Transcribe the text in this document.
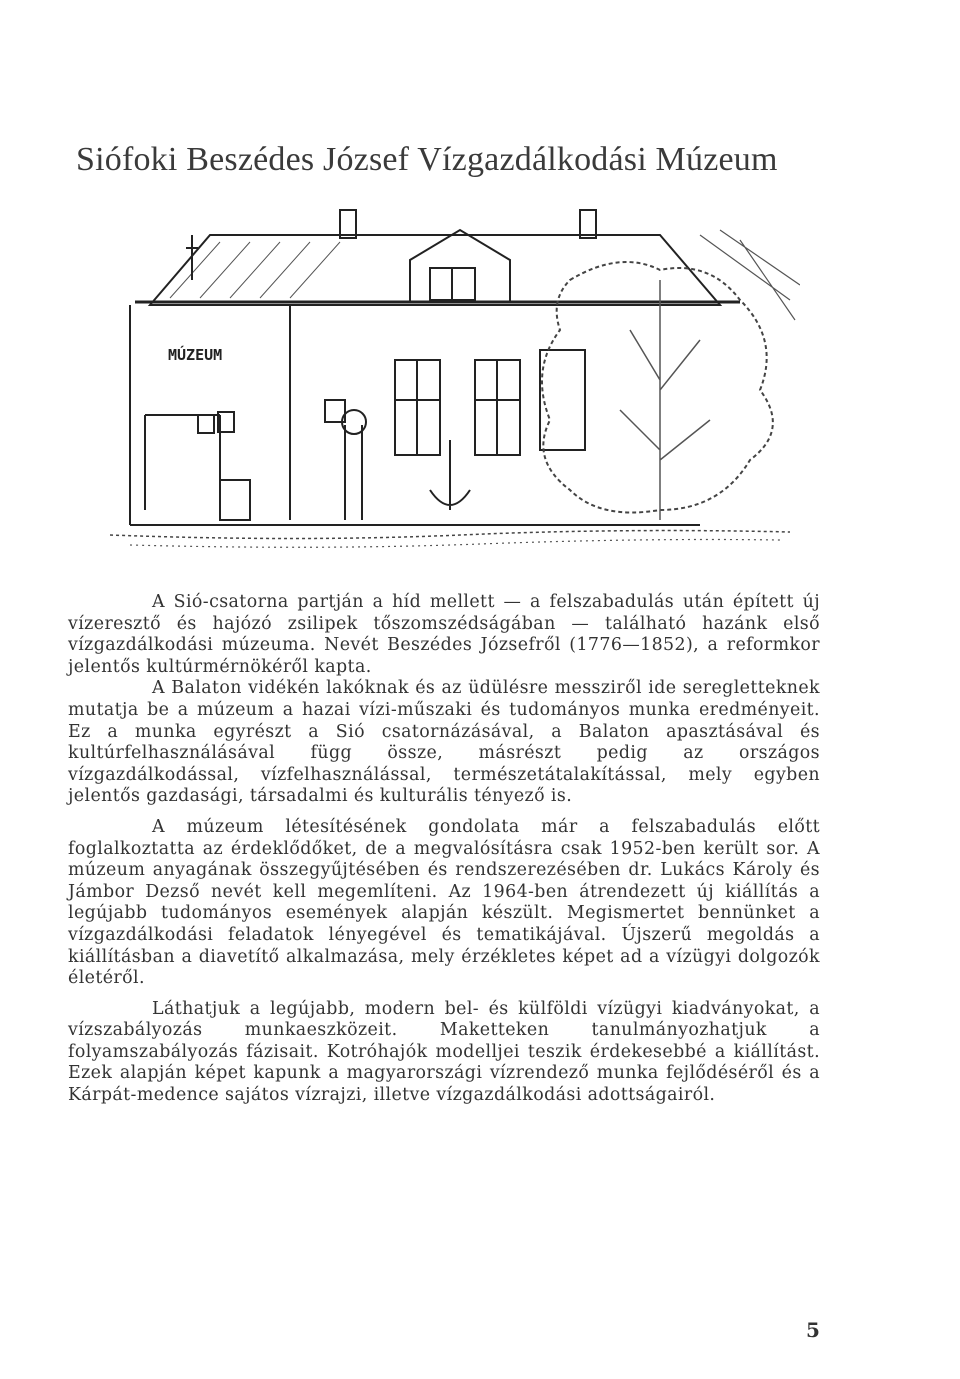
Siófoki Beszédes József Vízgazdálkodási Múzeum
MÚZEUM

A Sió-csatorna partján a híd mellett — a felszabadulás után épített új vízeresztő és hajózó zsilipek tőszomszédságában — található hazánk első vízgazdálkodási múzeuma. Nevét Beszédes Józsefről (1776—1852), a reformkor jelentős kultúrmérnökéről kapta.

A Balaton vidékén lakóknak és az üdülésre messziről ide seregletteknek mutatja be a múzeum a hazai vízi-műszaki és tudományos munka eredményeit. Ez a munka egyrészt a Sió csatornázásával, a Balaton apasztásával és kultúrfelhasználásával függ össze, másrészt pedig az országos vízgazdálkodással, vízfelhasználással, természetátalakítással, mely egyben jelentős gazdasági, társadalmi és kulturális tényező is.

A múzeum létesítésének gondolata már a felszabadulás előtt foglalkoztatta az érdeklődőket, de a megvalósításra csak 1952-ben került sor. A múzeum anyagának összegyűjtésében és rendszerezésében dr. Lukács Károly és Jámbor Dezső nevét kell megemlíteni. Az 1964-ben átrendezett új kiállítás a legújabb tudományos események alapján készült. Megismertet bennünket a vízgazdálkodási feladatok lényegével és tematikájával. Újszerű megoldás a kiállításban a diavetítő alkalmazása, mely érzékletes képet ad a vízügyi dolgozók életéről.

Láthatjuk a legújabb, modern bel- és külföldi vízügyi kiadványokat, a vízszabályozás munkaeszközeit. Maketteken tanulmányozhatjuk a folyamszabályozás fázisait. Kotróhajók modelljei teszik érdekesebbé a kiállítást. Ezek alapján képet kapunk a magyarországi vízrendező munka fejlődéséről és a Kárpát-medence sajátos vízrajzi, illetve vízgazdálkodási adottságairól.

5
